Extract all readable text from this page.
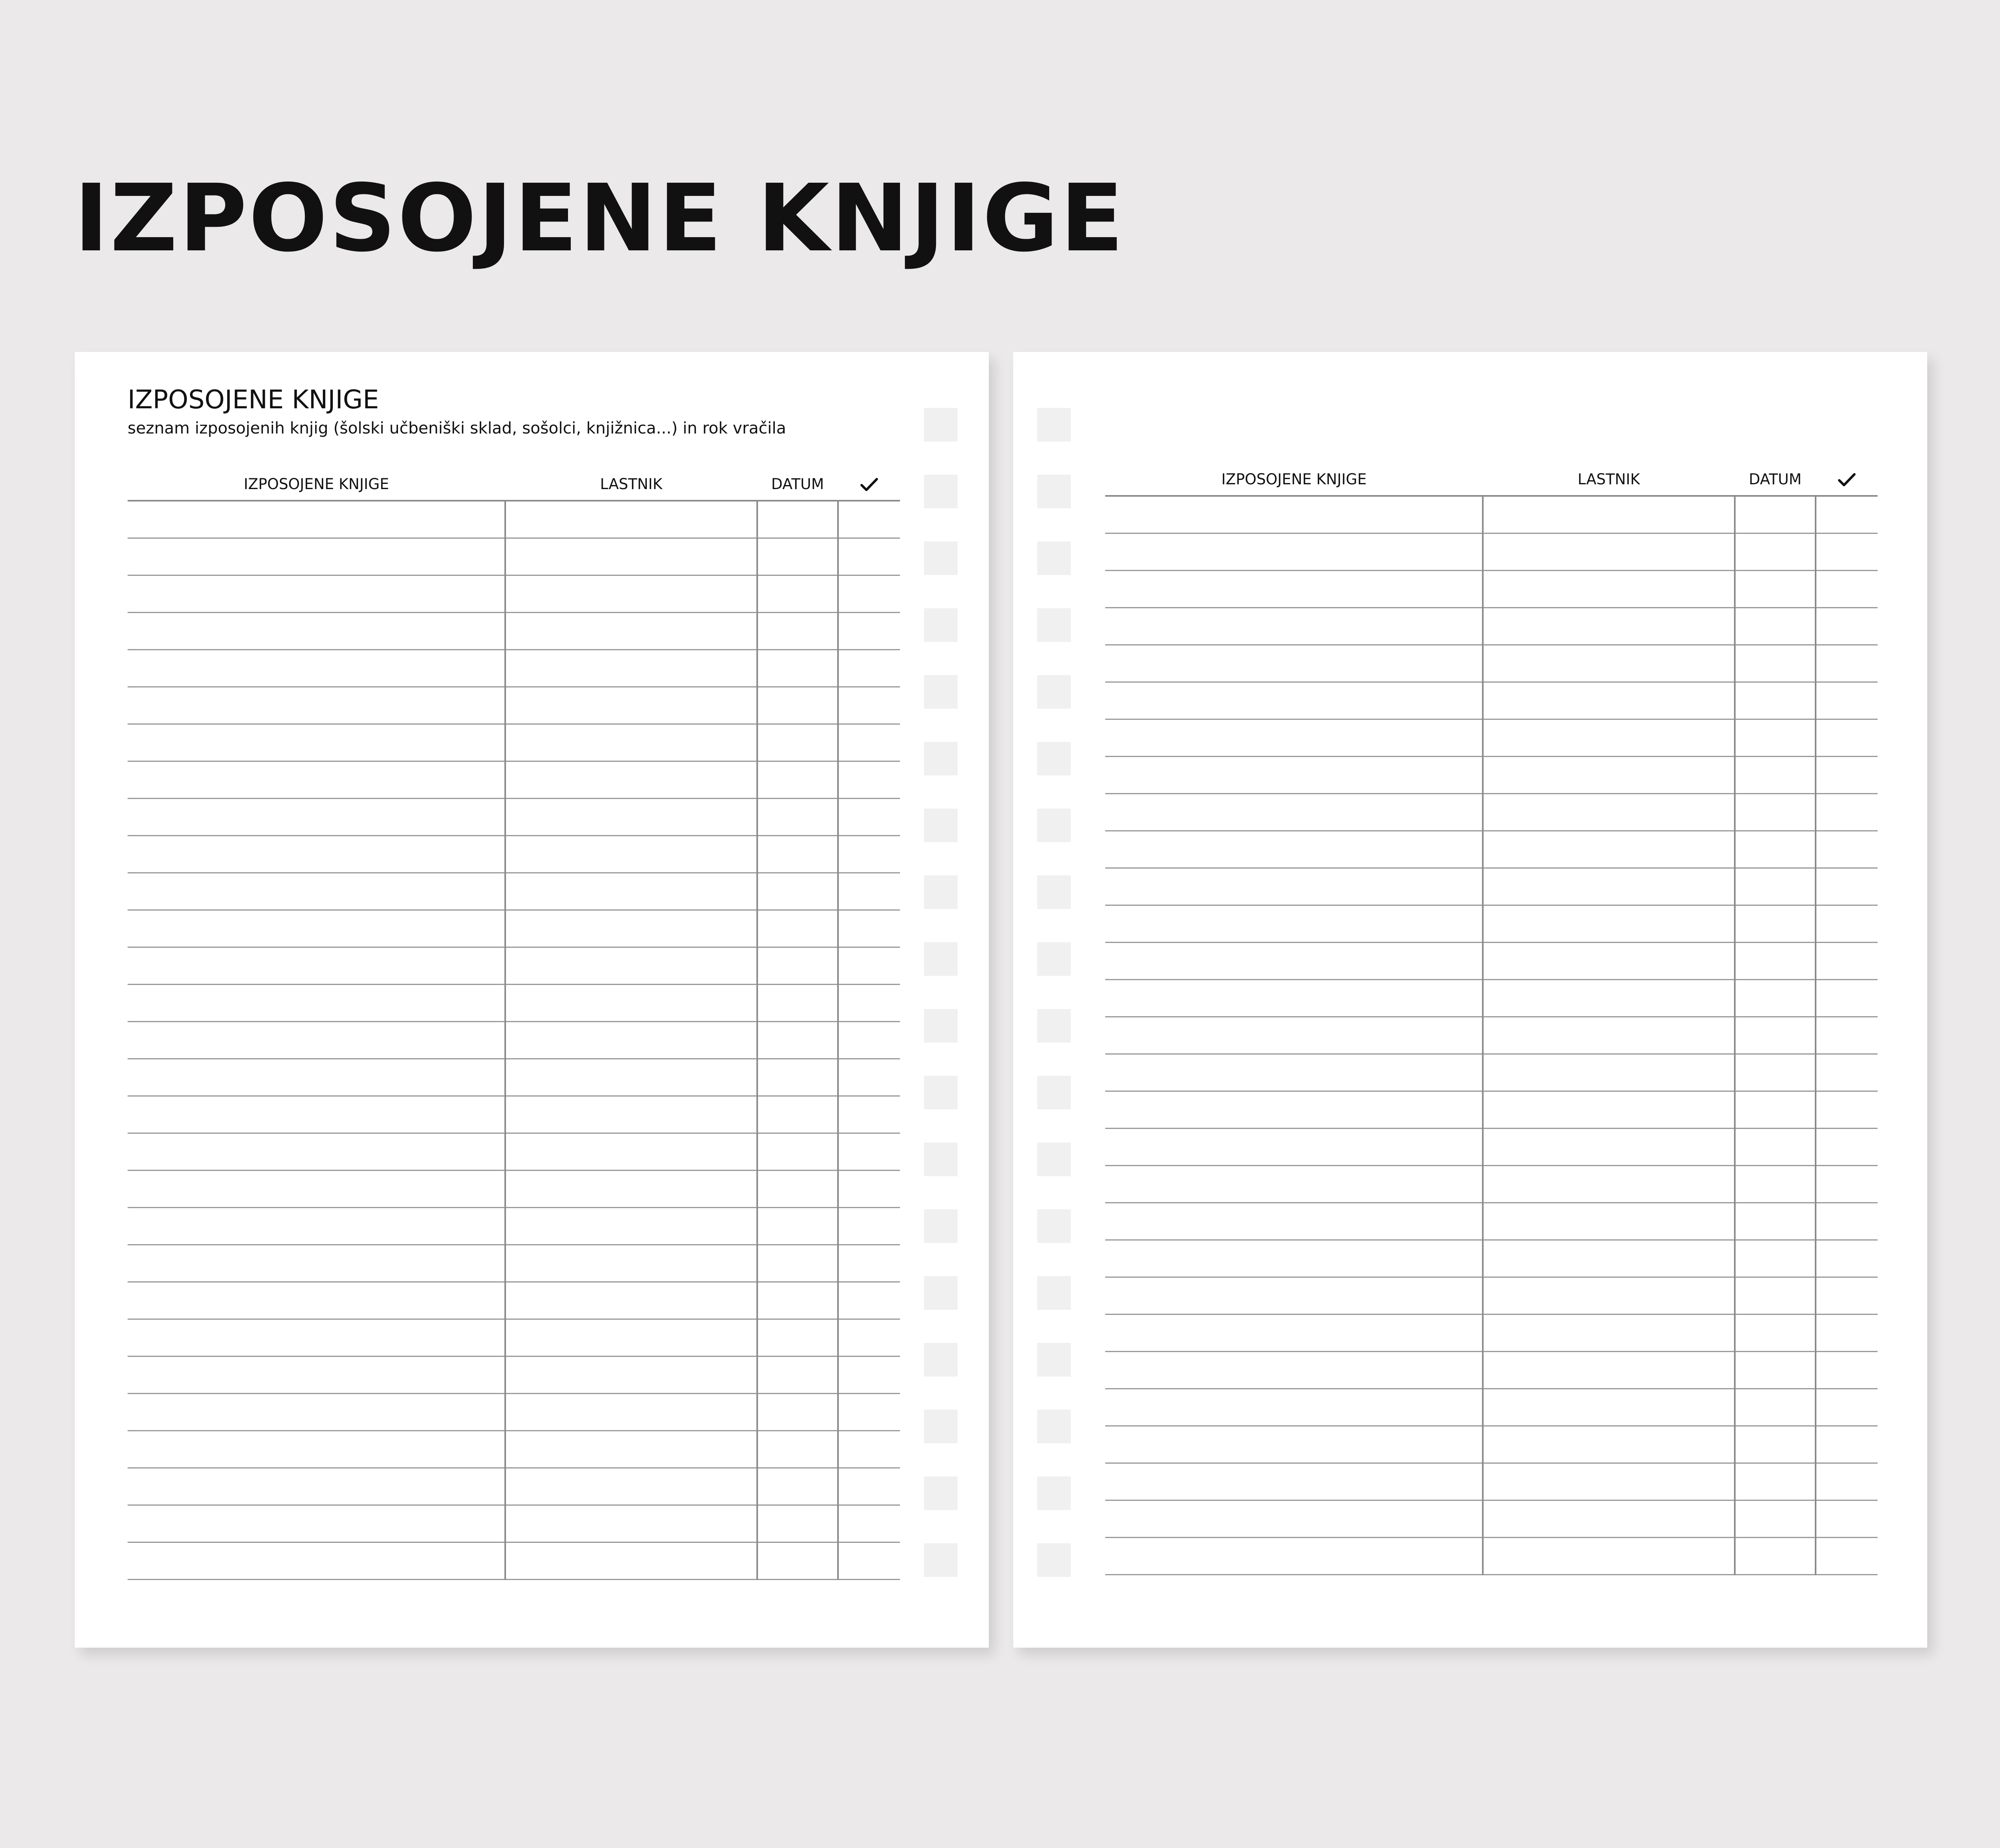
IZPOSOJENE KNJIGE
IZPOSOJENE KNJIGE

seznam izposojenih knjig (šolski učbeniški sklad, sošolci, knjižnica...) in rok vračila

IZPOSOJENE KNJIGE	LASTNIK	DATUM	

				IZPOSOJENE KNJIGE	LASTNIK	DATUM	
